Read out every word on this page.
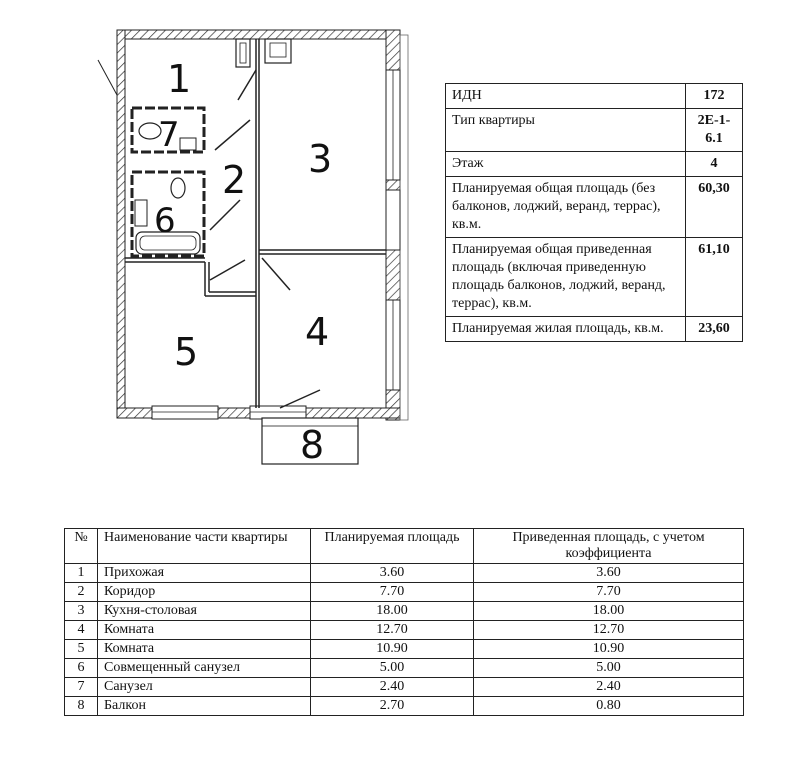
1
2 3
4
5
6
7
8
ИДН	172
Тип квартиры	2Е-1-6.1
Этаж	4
Планируемая общая площадь (без балконов, лоджий, веранд, террас), кв.м.	60,30
Планируемая общая приведенная площадь (включая приведенную площадь балконов, лоджий, веранд, террас), кв.м.	61,10
Планируемая жилая площадь, кв.м.	23,60
№	Наименование части квартиры	Планируемая площадь	Приведенная площадь, с учетом коэффициента
1	Прихожая	3.60	3.60
2	Коридор	7.70	7.70
3	Кухня-столовая	18.00	18.00
4	Комната	12.70	12.70
5	Комната	10.90	10.90
6	Совмещенный санузел	5.00	5.00
7	Санузел	2.40	2.40
8	Балкон	2.70	0.80
